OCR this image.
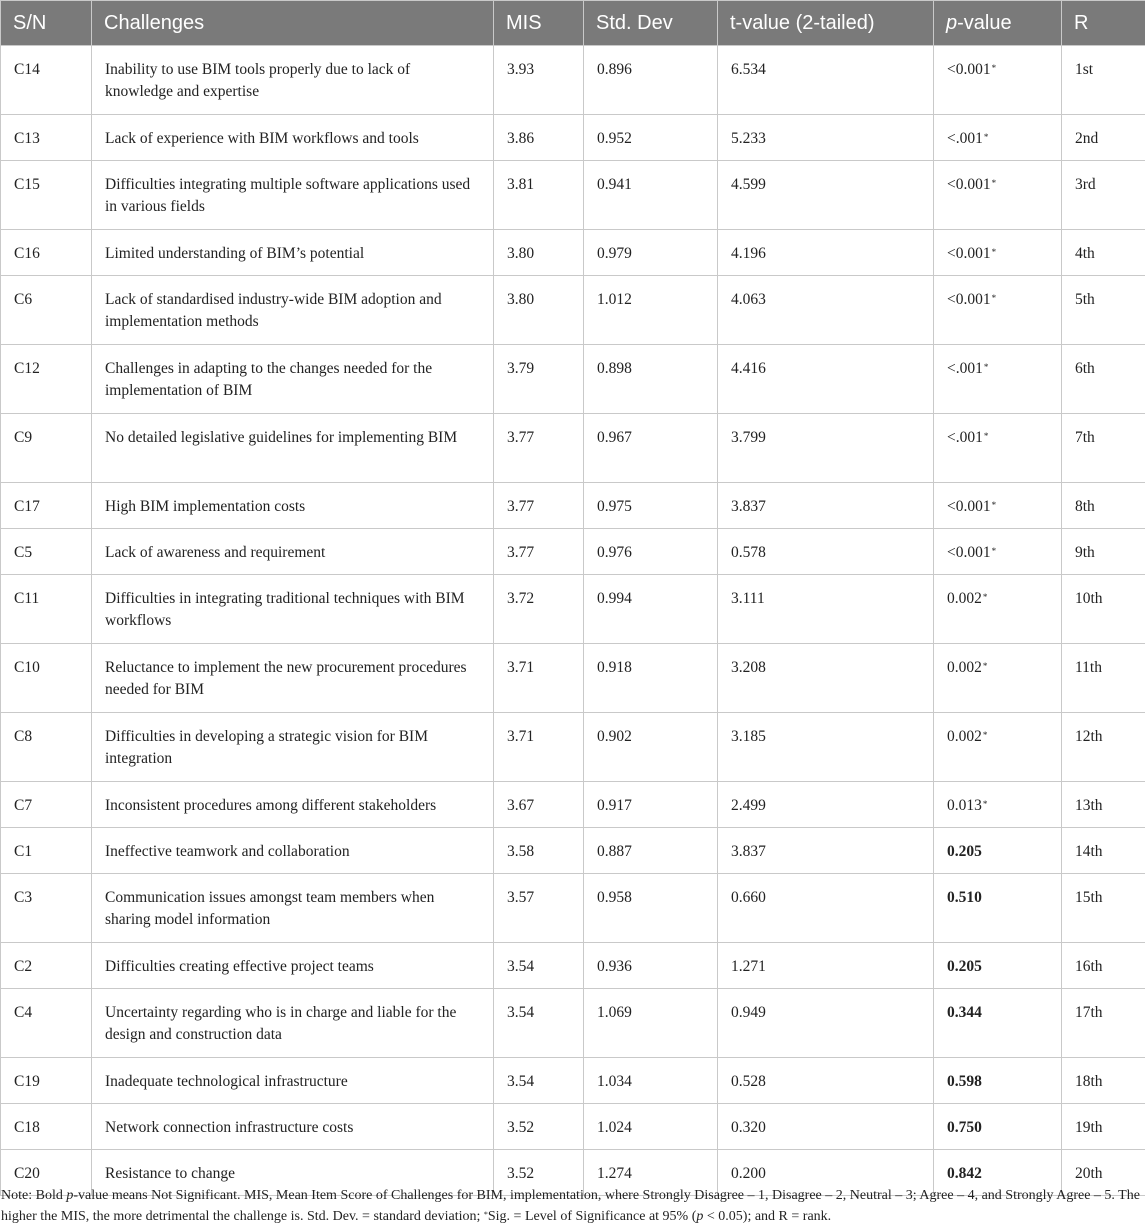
S/N	Challenges	MIS	Std. Dev	t-value (2-tailed)	p-value	R
C14	Inability to use BIM tools properly due to lack of knowledge and expertise	3.93	0.896	6.534	<0.001*	1st
C13	Lack of experience with BIM workflows and tools	3.86	0.952	5.233	<.001*	2nd
C15	Difficulties integrating multiple software applications used in various fields	3.81	0.941	4.599	<0.001*	3rd
C16	Limited understanding of BIM’s potential	3.80	0.979	4.196	<0.001*	4th
C6	Lack of standardised industry-wide BIM adoption and implementation methods	3.80	1.012	4.063	<0.001*	5th
C12	Challenges in adapting to the changes needed for the implementation of BIM	3.79	0.898	4.416	<.001*	6th
C9	No detailed legislative guidelines for implementing BIM	3.77	0.967	3.799	<.001*	7th
C17	High BIM implementation costs	3.77	0.975	3.837	<0.001*	8th
C5	Lack of awareness and requirement	3.77	0.976	0.578	<0.001*	9th
C11	Difficulties in integrating traditional techniques with BIM workflows	3.72	0.994	3.111	0.002*	10th
C10	Reluctance to implement the new procurement procedures needed for BIM	3.71	0.918	3.208	0.002*	11th
C8	Difficulties in developing a strategic vision for BIM integration	3.71	0.902	3.185	0.002*	12th
C7	Inconsistent procedures among different stakeholders	3.67	0.917	2.499	0.013*	13th
C1	Ineffective teamwork and collaboration	3.58	0.887	3.837	0.205	14th
C3	Communication issues amongst team members when sharing model information	3.57	0.958	0.660	0.510	15th
C2	Difficulties creating effective project teams	3.54	0.936	1.271	0.205	16th
C4	Uncertainty regarding who is in charge and liable for the design and construction data	3.54	1.069	0.949	0.344	17th
C19	Inadequate technological infrastructure	3.54	1.034	0.528	0.598	18th
C18	Network connection infrastructure costs	3.52	1.024	0.320	0.750	19th
C20	Resistance to change	3.52	1.274	0.200	0.842	20th
Note: Bold p-value means Not Significant. MIS, Mean Item Score of Challenges for BIM, implementation, where Strongly Disagree – 1, Disagree – 2, Neutral – 3; Agree – 4, and Strongly Agree – 5. The higher the MIS, the more detrimental the challenge is. Std. Dev. = standard deviation; *Sig. = Level of Significance at 95% (p < 0.05); and R = rank.
